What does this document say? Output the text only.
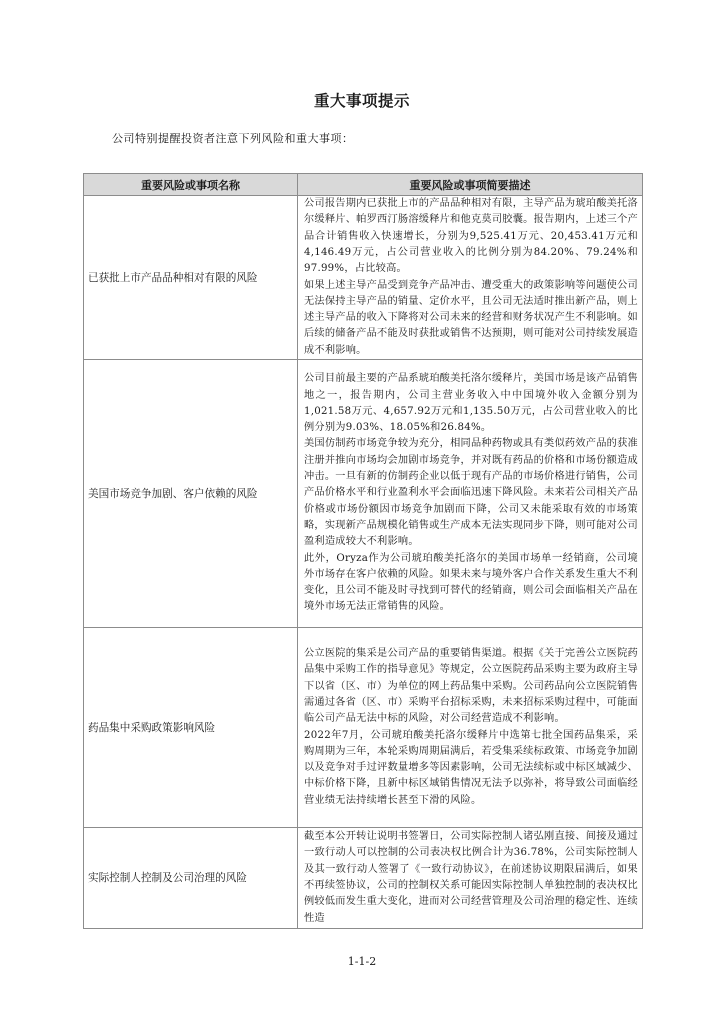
重大事项提示
公司特别提醒投资者注意下列风险和重大事项：
重要风险或事项名称	重要风险或事项简要描述
已获批上市产品品种相对有限的风险	公司报告期内已获批上市的产品品种相对有限，主导产品为琥珀酸美托洛尔缓释片、帕罗西汀肠溶缓释片和他克莫司胶囊。报告期内，上述三个产品合计销售收入快速增长，分别为9,525.41万元、20,453.41万元和4,146.49万元，占公司营业收入的比例分别为84.20%、79.24%和97.99%，占比较高。

如果上述主导产品受到竞争产品冲击、遭受重大的政策影响等问题使公司无法保持主导产品的销量、定价水平，且公司无法适时推出新产品，则上述主导产品的收入下降将对公司未来的经营和财务状况产生不利影响。如后续的储备产品不能及时获批或销售不达预期，则可能对公司持续发展造成不利影响。

美国市场竞争加剧、客户依赖的风险	公司目前最主要的产品系琥珀酸美托洛尔缓释片，美国市场是该产品销售地之一，报告期内，公司主营业务收入中中国境外收入金额分别为1,021.58万元、4,657.92万元和1,135.50万元，占公司营业收入的比例分别为9.03%、18.05%和26.84%。

美国仿制药市场竞争较为充分，相同品种药物或具有类似药效产品的获准注册并推向市场均会加剧市场竞争，并对既有药品的价格和市场份额造成冲击。一旦有新的仿制药企业以低于现有产品的市场价格进行销售，公司产品价格水平和行业盈利水平会面临迅速下降风险。未来若公司相关产品价格或市场份额因市场竞争加剧而下降，公司又未能采取有效的市场策略，实现新产品规模化销售或生产成本无法实现同步下降，则可能对公司盈利造成较大不利影响。

此外，Oryza作为公司琥珀酸美托洛尔的美国市场单一经销商，公司境外市场存在客户依赖的风险。如果未来与境外客户合作关系发生重大不利变化，且公司不能及时寻找到可替代的经销商，则公司会面临相关产品在境外市场无法正常销售的风险。

药品集中采购政策影响风险	公立医院的集采是公司产品的重要销售渠道。根据《关于完善公立医院药品集中采购工作的指导意见》等规定，公立医院药品采购主要为政府主导下以省（区、市）为单位的网上药品集中采购。公司药品向公立医院销售需通过各省（区、市）采购平台招标采购，未来招标采购过程中，可能面临公司产品无法中标的风险，对公司经营造成不利影响。

2022年7月，公司琥珀酸美托洛尔缓释片中选第七批全国药品集采，采购周期为三年，本轮采购周期届满后，若受集采续标政策、市场竞争加剧以及竞争对手过评数量增多等因素影响，公司无法续标或中标区域减少、中标价格下降，且新中标区域销售情况无法予以弥补，将导致公司面临经营业绩无法持续增长甚至下滑的风险。

实际控制人控制及公司治理的风险	截至本公开转让说明书签署日，公司实际控制人诸弘刚直接、间接及通过一致行动人可以控制的公司表决权比例合计为36.78%，公司实际控制人及其一致行动人签署了《一致行动协议》，在前述协议期限届满后，如果不再续签协议，公司的控制权关系可能因实际控制人单独控制的表决权比例较低而发生重大变化，进而对公司经营管理及公司治理的稳定性、连续性造

1-1-2
